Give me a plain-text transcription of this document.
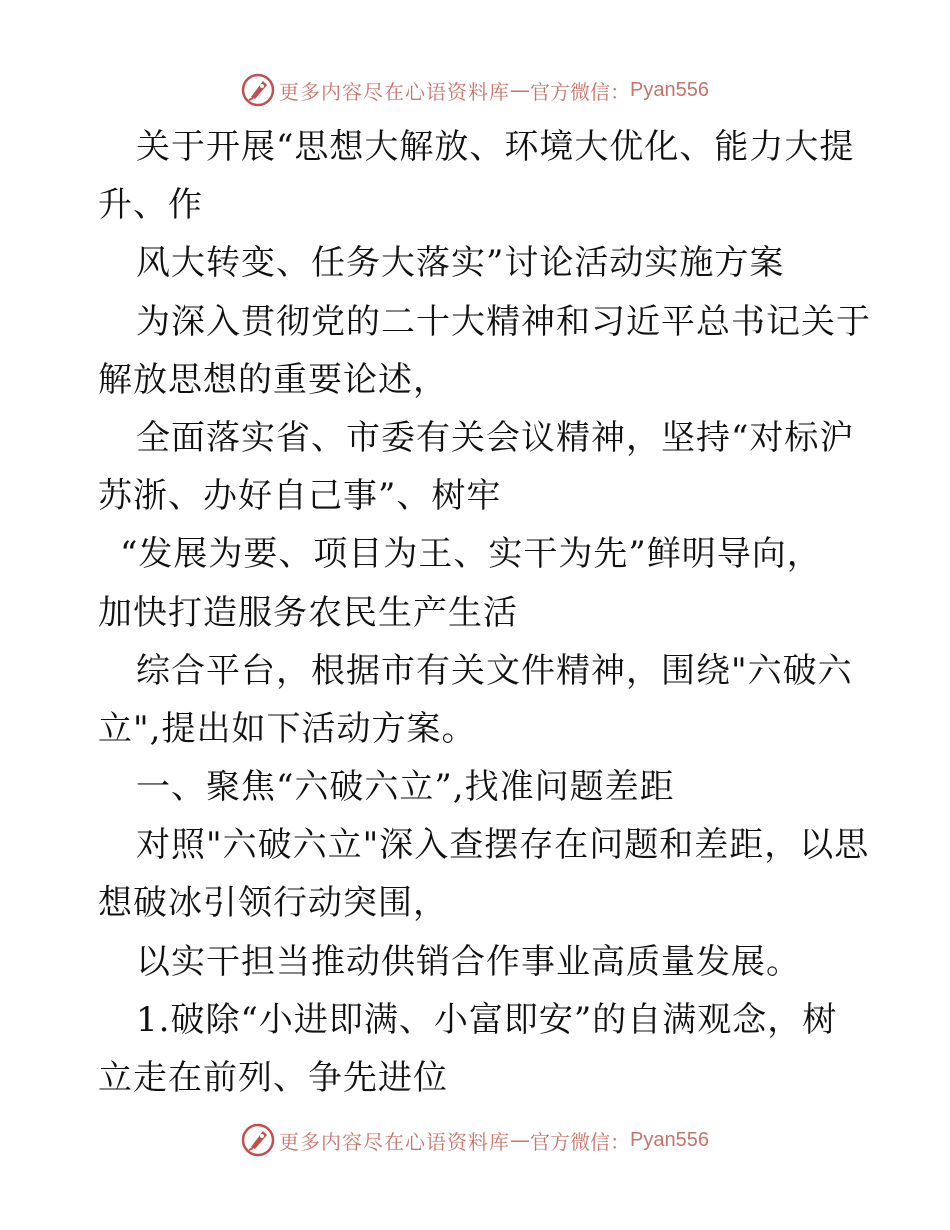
更多内容尽在心语资料库 — 官方微信： Pyan556
关于开展“思想大解放、环境大优化、能力大提
升、作
风大转变、任务大落实”讨论活动实施方案
为深入贯彻党的二十大精神和习近平总书记关于
解放思想的重要论述，
全面落实省、市委有关会议精神，坚持“对标沪
苏浙、办好自己事”、树牢
“发展为要、项目为王、实干为先”鲜明导向，
加快打造服务农民生产生活
综合平台，根据市有关文件精神，围绕"六破六
立",提出如下活动方案。
一、聚焦“六破六立”,找准问题差距
对照"六破六立"深入查摆存在问题和差距，以思
想破冰引领行动突围，
以实干担当推动供销合作事业高质量发展。
1.破除“小进即满、小富即安”的自满观念，树
立走在前列、争先进位
更多内容尽在心语资料库 — 官方微信： Pyan556
